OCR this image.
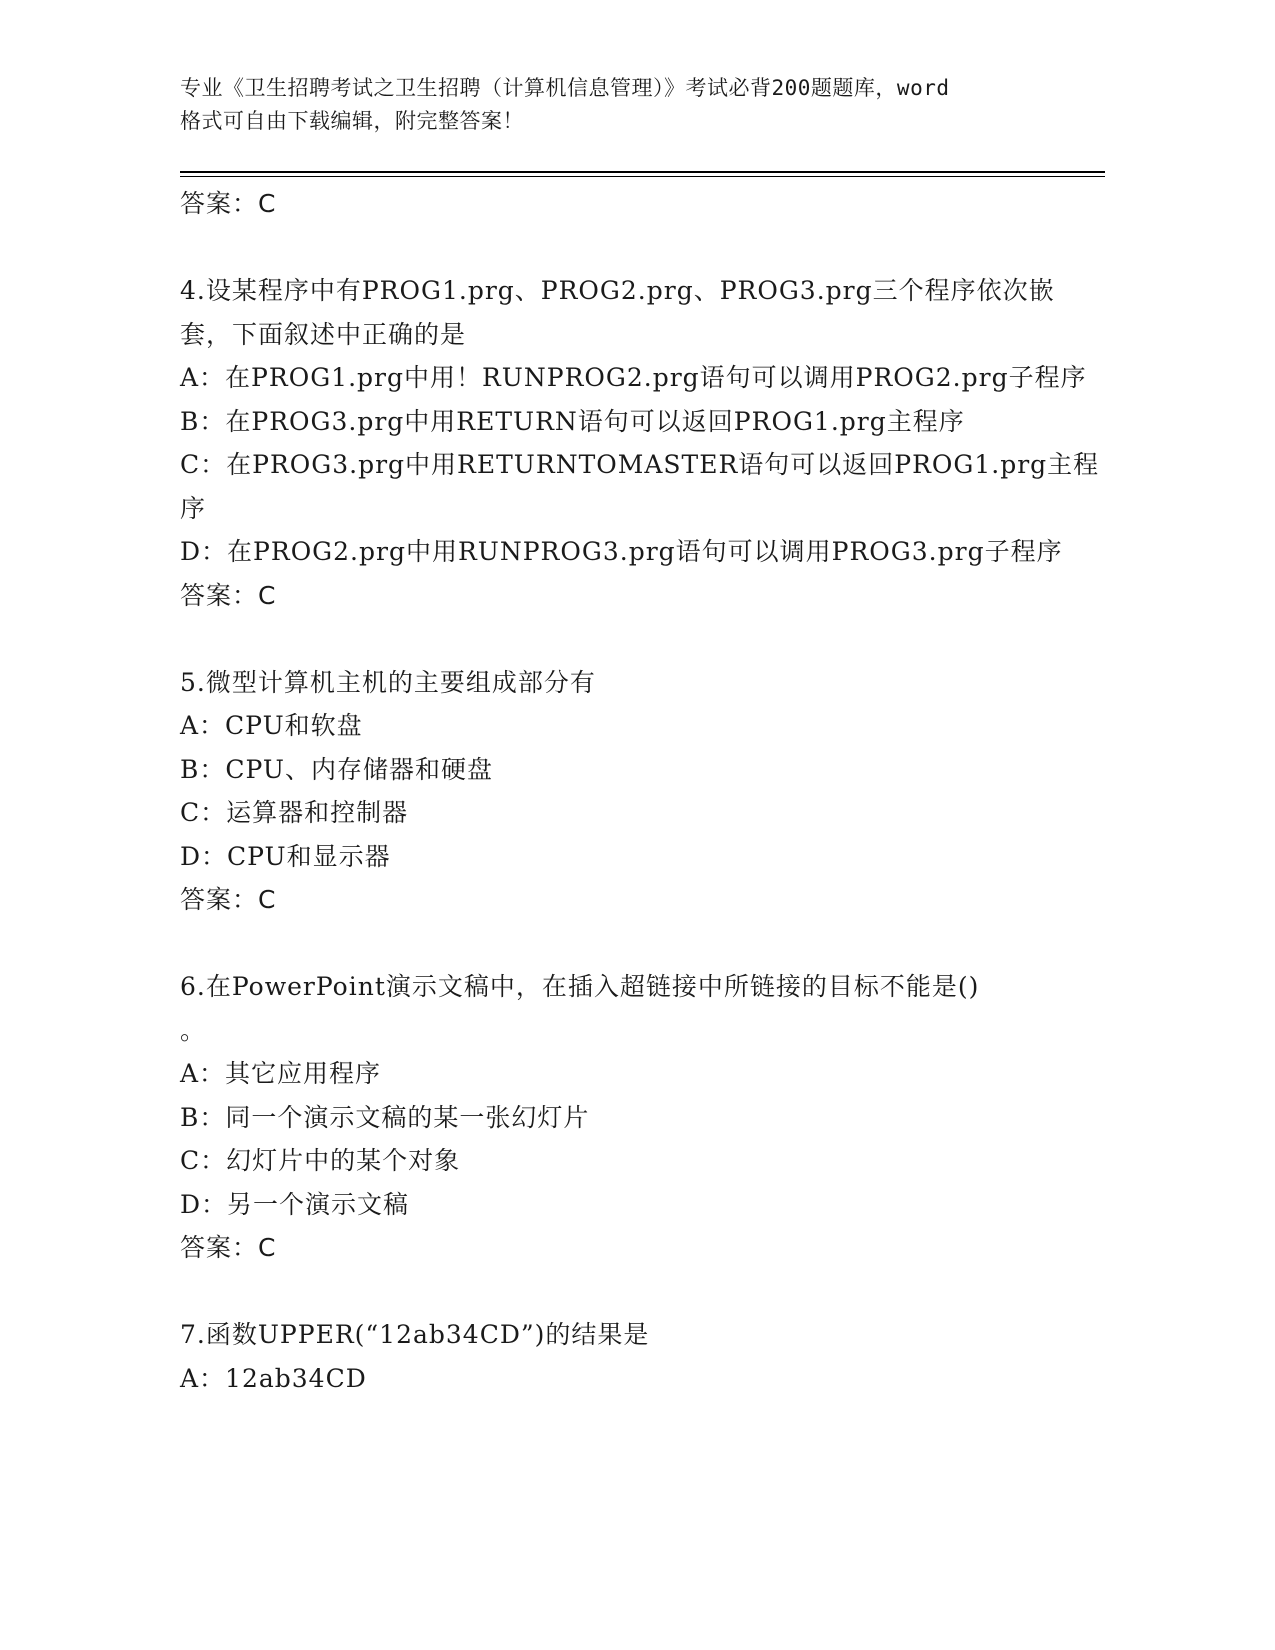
专业《卫生招聘考试之卫生招聘（计算机信息管理）》考试必背200题题库，word
格式可自由下载编辑，附完整答案！
答案：C
4.设某程序中有PROG1.prg、PROG2.prg、PROG3.prg三个程序依次嵌
套，下面叙述中正确的是
A：在PROG1.prg中用！RUNPROG2.prg语句可以调用PROG2.prg子程序
B：在PROG3.prg中用RETURN语句可以返回PROG1.prg主程序
C：在PROG3.prg中用RETURNTOMASTER语句可以返回PROG1.prg主程
序
D：在PROG2.prg中用RUNPROG3.prg语句可以调用PROG3.prg子程序
答案：C
5.微型计算机主机的主要组成部分有
A：CPU和软盘
B：CPU、内存储器和硬盘
C：运算器和控制器
D：CPU和显示器
答案：C
6.在PowerPoint演示文稿中，在插入超链接中所链接的目标不能是()
。
A：其它应用程序
B：同一个演示文稿的某一张幻灯片
C：幻灯片中的某个对象
D：另一个演示文稿
答案：C
7.函数UPPER(“12ab34CD”)的结果是
A：12ab34CD
